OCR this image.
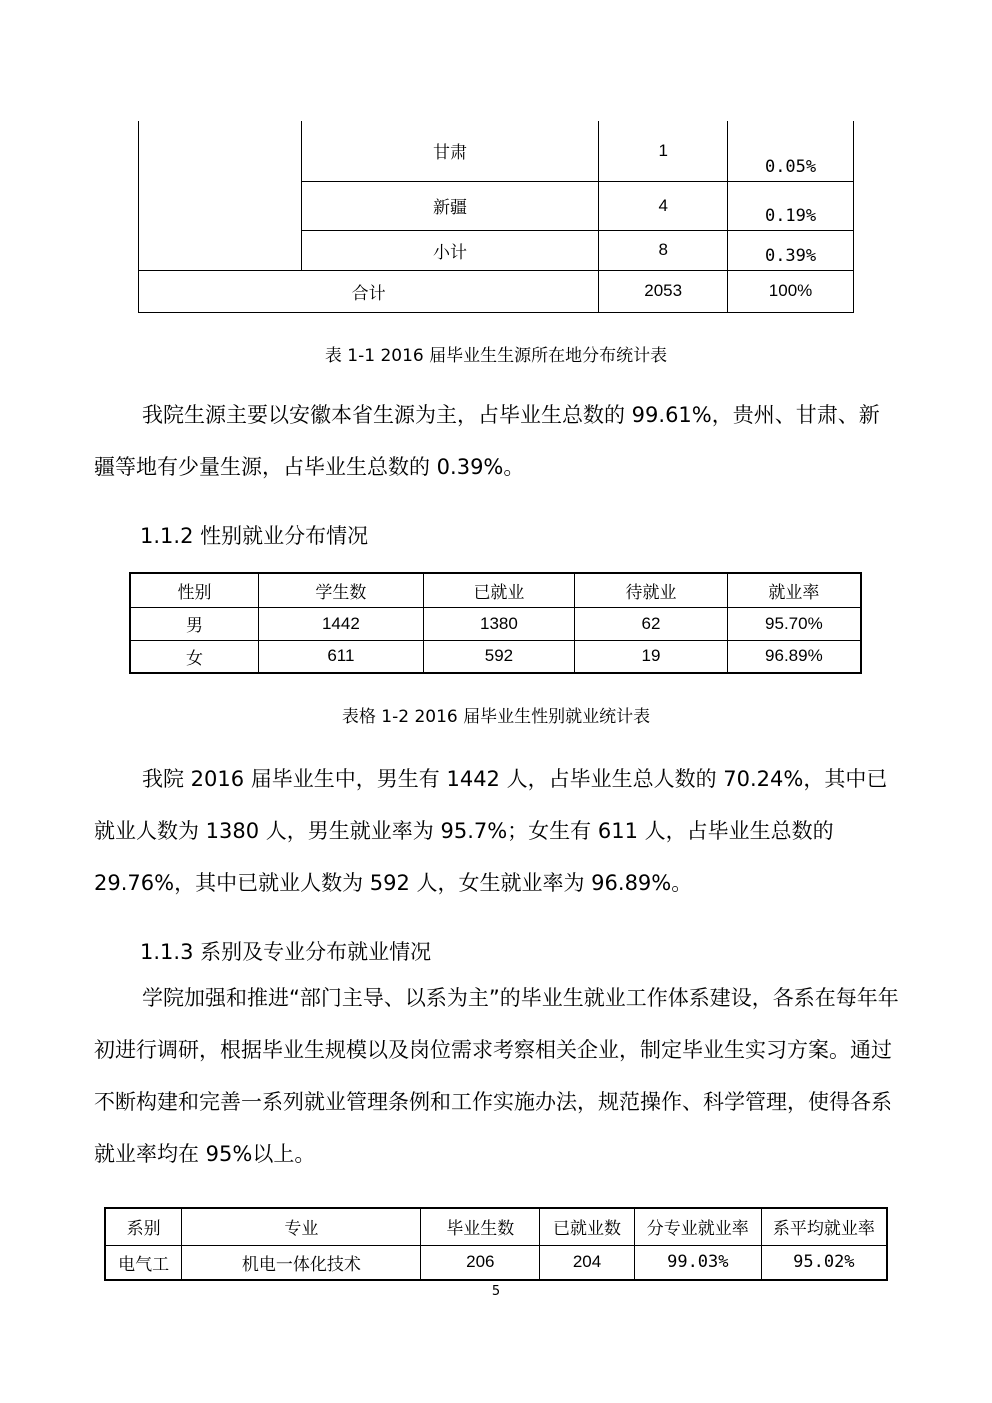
	甘肃	1	0.05%
	新疆	4	0.19%
	小计	8	0.39%
合计		2053	100%
表 1-1 2016 届毕业生生源所在地分布统计表
我院生源主要以安徽本省生源为主，占毕业生总数的 99.61%，贵州、甘肃、新疆等地有少量生源，占毕业生总数的 0.39%。
1.1.2 性别就业分布情况
性别	学生数	已就业	待就业	就业率
男	1442	1380	62	95.70%
女	611	592	19	96.89%
表格 1-2 2016 届毕业生性别就业统计表
我院 2016 届毕业生中，男生有 1442 人，占毕业生总人数的 70.24%，其中已就业人数为 1380 人，男生就业率为 95.7%；女生有 611 人，占毕业生总数的 29.76%，其中已就业人数为 592 人，女生就业率为 96.89%。
1.1.3 系别及专业分布就业情况
学院加强和推进“部门主导、以系为主”的毕业生就业工作体系建设，各系在每年年初进行调研，根据毕业生规模以及岗位需求考察相关企业，制定毕业生实习方案。通过不断构建和完善一系列就业管理条例和工作实施办法，规范操作、科学管理，使得各系就业率均在 95%以上。
系别	专业	毕业生数	已就业数	分专业就业率	系平均就业率
电气工	机电一体化技术	206	204	99.03%	95.02%
5
